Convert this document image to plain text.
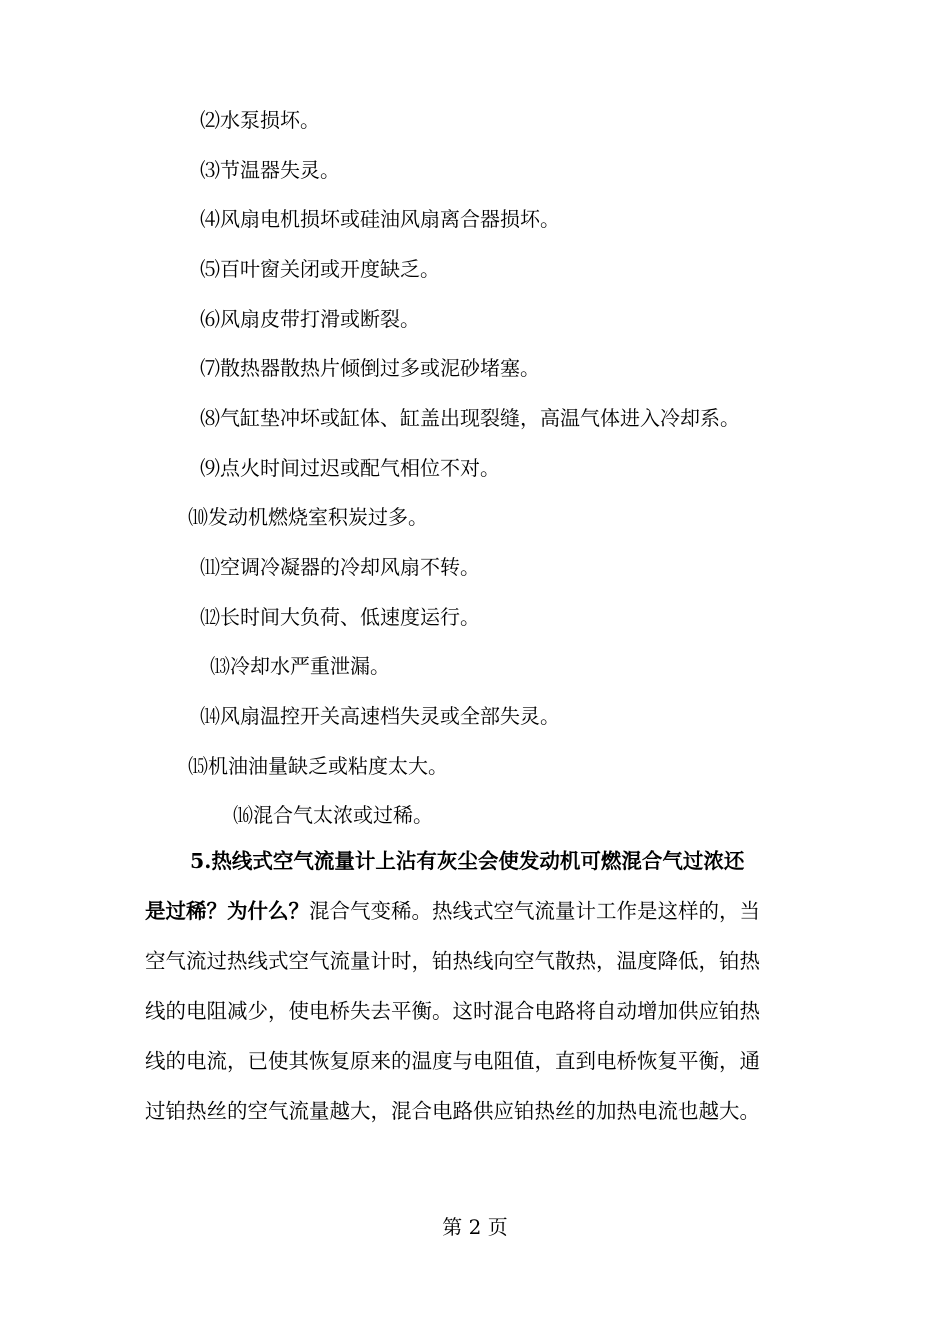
⑵水泵损坏。
⑶节温器失灵。
⑷风扇电机损坏或硅油风扇离合器损坏。
⑸百叶窗关闭或开度缺乏。
⑹风扇皮带打滑或断裂。
⑺散热器散热片倾倒过多或泥砂堵塞。
⑻气缸垫冲坏或缸体、缸盖出现裂缝，高温气体进入冷却系。
⑼点火时间过迟或配气相位不对。
⑽发动机燃烧室积炭过多。
⑾空调冷凝器的冷却风扇不转。
⑿长时间大负荷、低速度运行。
⒀冷却水严重泄漏。
⒁风扇温控开关高速档失灵或全部失灵。
⒂机油油量缺乏或粘度太大。
⒃混合气太浓或过稀。
5.热线式空气流量计上沾有灰尘会使发动机可燃混合气过浓还
是过稀？为什么？混合气变稀。热线式空气流量计工作是这样的，当
空气流过热线式空气流量计时，铂热线向空气散热，温度降低，铂热
线的电阻减少，使电桥失去平衡。这时混合电路将自动增加供应铂热
线的电流，已使其恢复原来的温度与电阻值，直到电桥恢复平衡，通
过铂热丝的空气流量越大，混合电路供应铂热丝的加热电流也越大。
第 2 页
